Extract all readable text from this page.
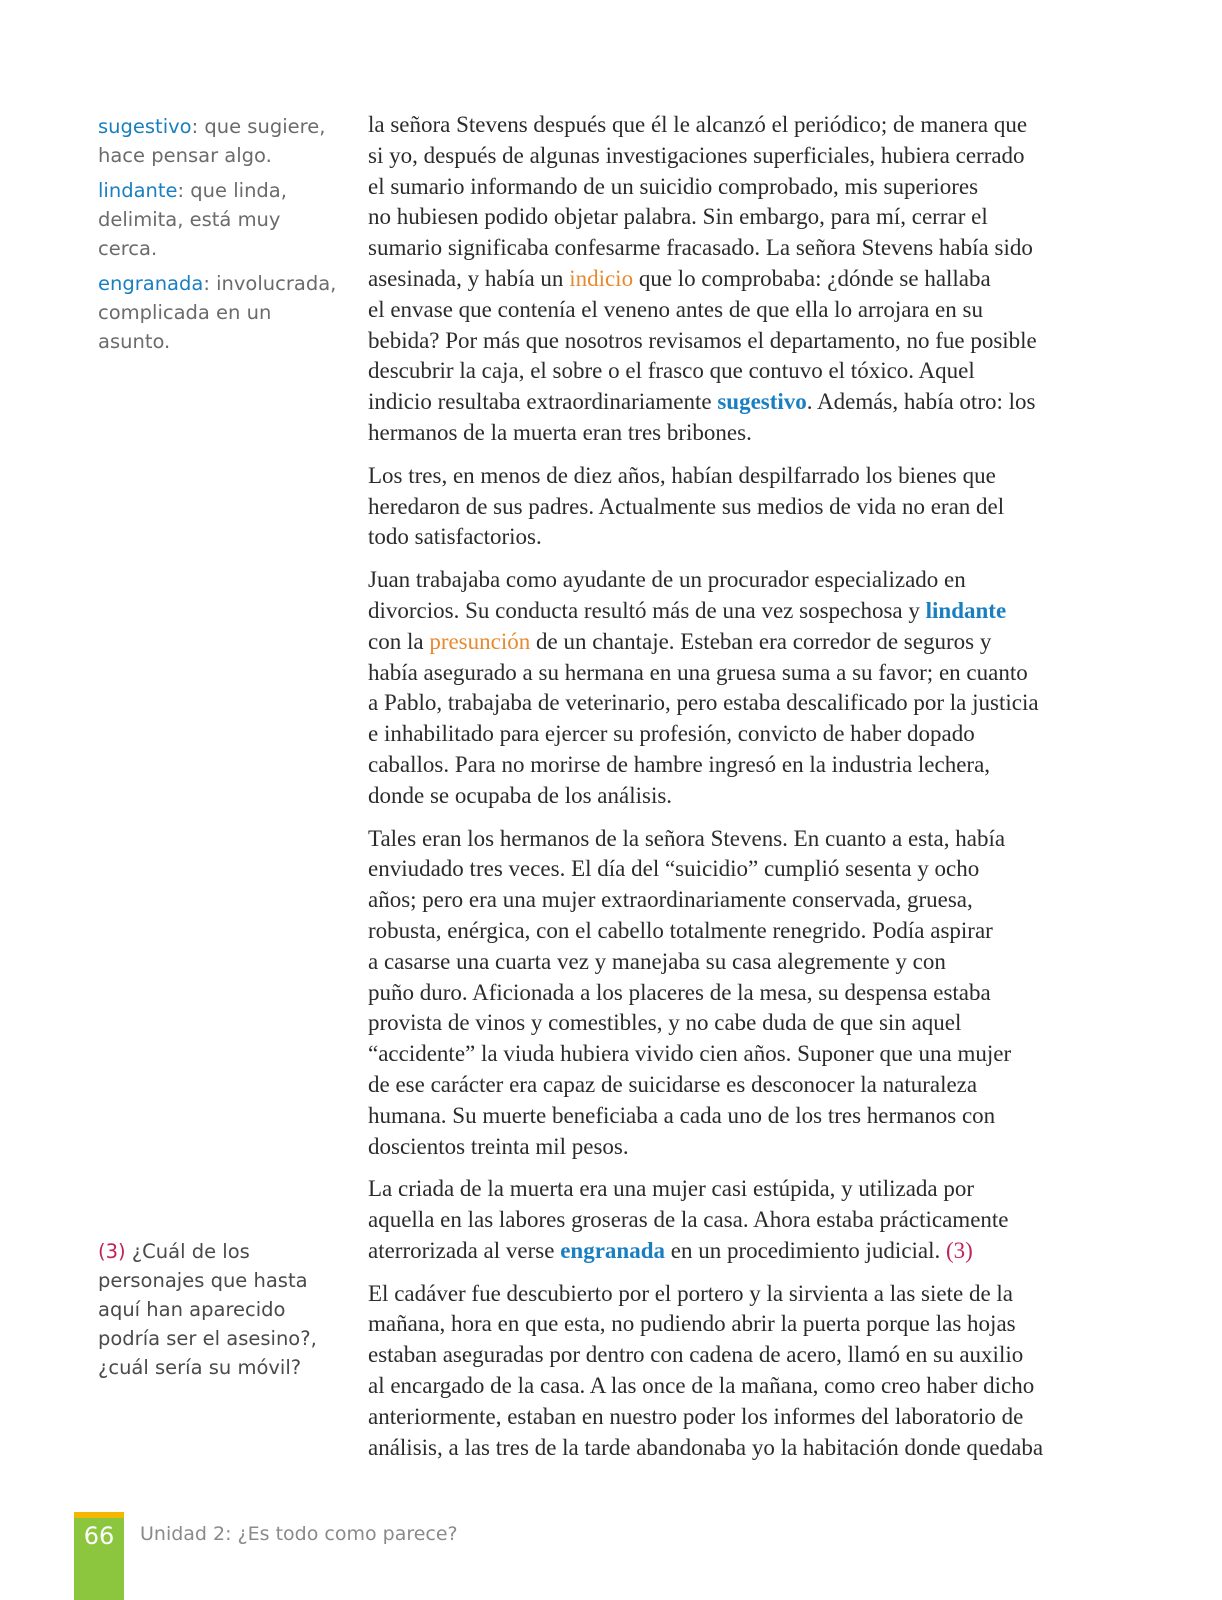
sugestivo: que sugiere, hace pensar algo.
lindante: que linda, delimita, está muy cerca.
engranada: involucrada, complicada en un asunto.
(3) ¿Cuál de los personajes que hasta aquí han aparecido podría ser el asesino?, ¿cuál sería su móvil?

la señora Stevens después que él le alcanzó el periódico; de manera que
si yo, después de algunas investigaciones superficiales, hubiera cerrado
el sumario informando de un suicidio comprobado, mis superiores
no hubiesen podido objetar palabra. Sin embargo, para mí, cerrar el
sumario significaba confesarme fracasado. La señora Stevens había sido
asesinada, y había un indicio que lo comprobaba: ¿dónde se hallaba
el envase que contenía el veneno antes de que ella lo arrojara en su
bebida? Por más que nosotros revisamos el departamento, no fue posible
descubrir la caja, el sobre o el frasco que contuvo el tóxico. Aquel
indicio resultaba extraordinariamente sugestivo. Además, había otro: los
hermanos de la muerta eran tres bribones.

Los tres, en menos de diez años, habían despilfarrado los bienes que
heredaron de sus padres. Actualmente sus medios de vida no eran del
todo satisfactorios.

Juan trabajaba como ayudante de un procurador especializado en
divorcios. Su conducta resultó más de una vez sospechosa y lindante
con la presunción de un chantaje. Esteban era corredor de seguros y
había asegurado a su hermana en una gruesa suma a su favor; en cuanto
a Pablo, trabajaba de veterinario, pero estaba descalificado por la justicia
e inhabilitado para ejercer su profesión, convicto de haber dopado
caballos. Para no morirse de hambre ingresó en la industria lechera,
donde se ocupaba de los análisis.

Tales eran los hermanos de la señora Stevens. En cuanto a esta, había
enviudado tres veces. El día del “suicidio” cumplió sesenta y ocho
años; pero era una mujer extraordinariamente conservada, gruesa,
robusta, enérgica, con el cabello totalmente renegrido. Podía aspirar
a casarse una cuarta vez y manejaba su casa alegremente y con
puño duro. Aficionada a los placeres de la mesa, su despensa estaba
provista de vinos y comestibles, y no cabe duda de que sin aquel
“accidente” la viuda hubiera vivido cien años. Suponer que una mujer
de ese carácter era capaz de suicidarse es desconocer la naturaleza
humana. Su muerte beneficiaba a cada uno de los tres hermanos con
doscientos treinta mil pesos.

La criada de la muerta era una mujer casi estúpida, y utilizada por
aquella en las labores groseras de la casa. Ahora estaba prácticamente
aterrorizada al verse engranada en un procedimiento judicial. (3)

El cadáver fue descubierto por el portero y la sirvienta a las siete de la
mañana, hora en que esta, no pudiendo abrir la puerta porque las hojas
estaban aseguradas por dentro con cadena de acero, llamó en su auxilio
al encargado de la casa. A las once de la mañana, como creo haber dicho
anteriormente, estaban en nuestro poder los informes del laboratorio de
análisis, a las tres de la tarde abandonaba yo la habitación donde quedaba

66	Unidad 2: ¿Es todo como parece?
